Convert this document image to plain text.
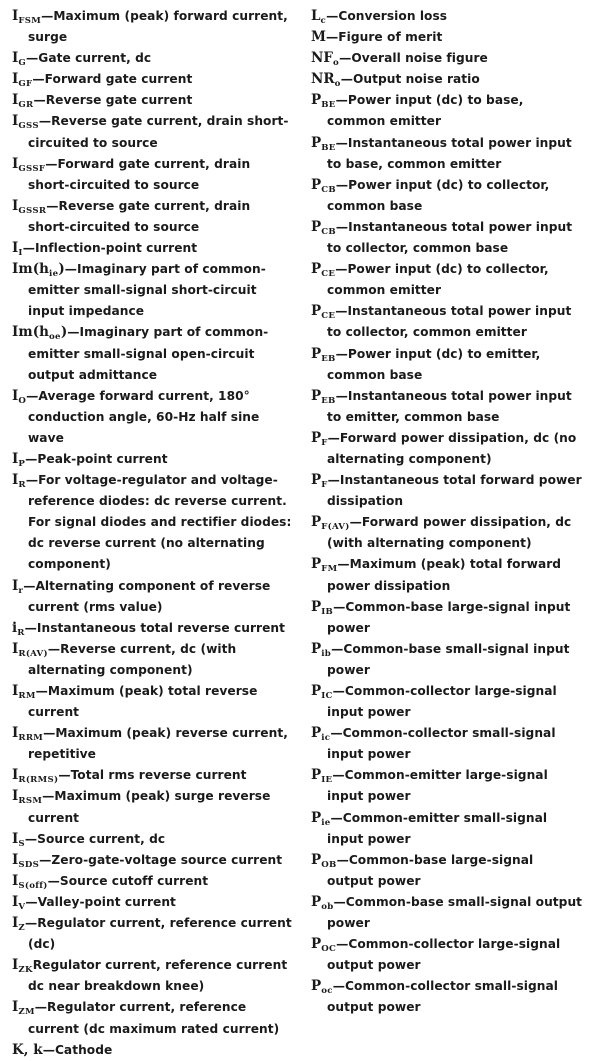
$I_{FSM}—Maximum$ (peak) forward current, surge
$I_G—Gate$ current, dc
$I_{GF}—Forward$ gate current
$I_{GR}—Reverse$ gate current
$I_{GSS}—Reverse$ gate current, drain short-circuited to source
$I_{GSSF}—Forward$ gate current, drain short-circuited to source
$I_{GSSR}—Reverse$ gate current, drain short-circuited to source
$I_I—Inflection$-point current
$Im(h_{ie})—Imaginary$ part of common-emitter small-signal short-circuit input impedance
$Im(h_{oe})—Imaginary$ part of common-emitter small-signal open-circuit output admittance
$I_O—Average$ forward current, 180° conduction angle, 60-Hz half sine wave
$I_P—Peak$-point current
$I_R—For$ voltage-regulator and voltage-reference diodes: dc reverse current. For signal diodes and rectifier diodes: dc reverse current (no alternating component)
$I_r—Alternating$ component of reverse current (rms value)
$i_R—Instantaneous$ total reverse current
$I_{R(AV)}—Reverse$ current, dc (with alternating component)
$I_{RM}—Maximum$ (peak) total reverse current
$I_{RRM}—Maximum$ (peak) reverse current, repetitive
$I_{R(RMS)}—Total$ rms reverse current
$I_{RSM}—Maximum$ (peak) surge reverse current
$I_S—Source$ current, dc
$I_{SDS}—Zero-gate$-voltage source current
$I_{S(off)}—Source$ cutoff current
$I_V—Valley$-point current
$I_Z—Regulator$ current, reference current (dc)
$I_{ZK}Regulator$ current, reference current dc near breakdown knee)
$I_{ZM}—Regulator$ current, reference current (dc maximum rated current)
K, k—Cathode
$L_c—Conversion$ loss
M—Figure of merit
$NF_o—Overall$ noise figure
$NR_o—Output$ noise ratio
$P_{BE}—Power$ input (dc) to base, common emitter
$P_{BE}—Instantaneous$ total power input to base, common emitter
$P_{CB}—Power$ input (dc) to collector, common base
$P_{CB}—Instantaneous$ total power input to collector, common base
$P_{CE}—Power$ input (dc) to collector, common emitter
$P_{CE}—Instantaneous$ total power input to collector, common emitter
$P_{EB}—Power$ input (dc) to emitter, common base
$P_{EB}—Instantaneous$ total power input to emitter, common base
$P_F—Forward$ power dissipation, dc (no alternating component)
$P_F—Instantaneous$ total forward power dissipation
$P_{F(AV)}—Forward$ power dissipation, dc (with alternating component)
$P_{FM}—Maximum$ (peak) total forward power dissipation
$P_{IB}—Common$-base large-signal input power
$P_{ib}—Common$-base small-signal input power
$P_{IC}—Common$-collector large-signal input power
$P_{ic}—Common$-collector small-signal input power
$P_{IE}—Common$-emitter large-signal input power
$P_{ie}—Common$-emitter small-signal input power
$P_{OB}—Common$-base large-signal output power
$P_{ob}—Common$-base small-signal output power
$P_{OC}—Common$-collector large-signal output power
$P_{oc}—Common$-collector small-signal output power
